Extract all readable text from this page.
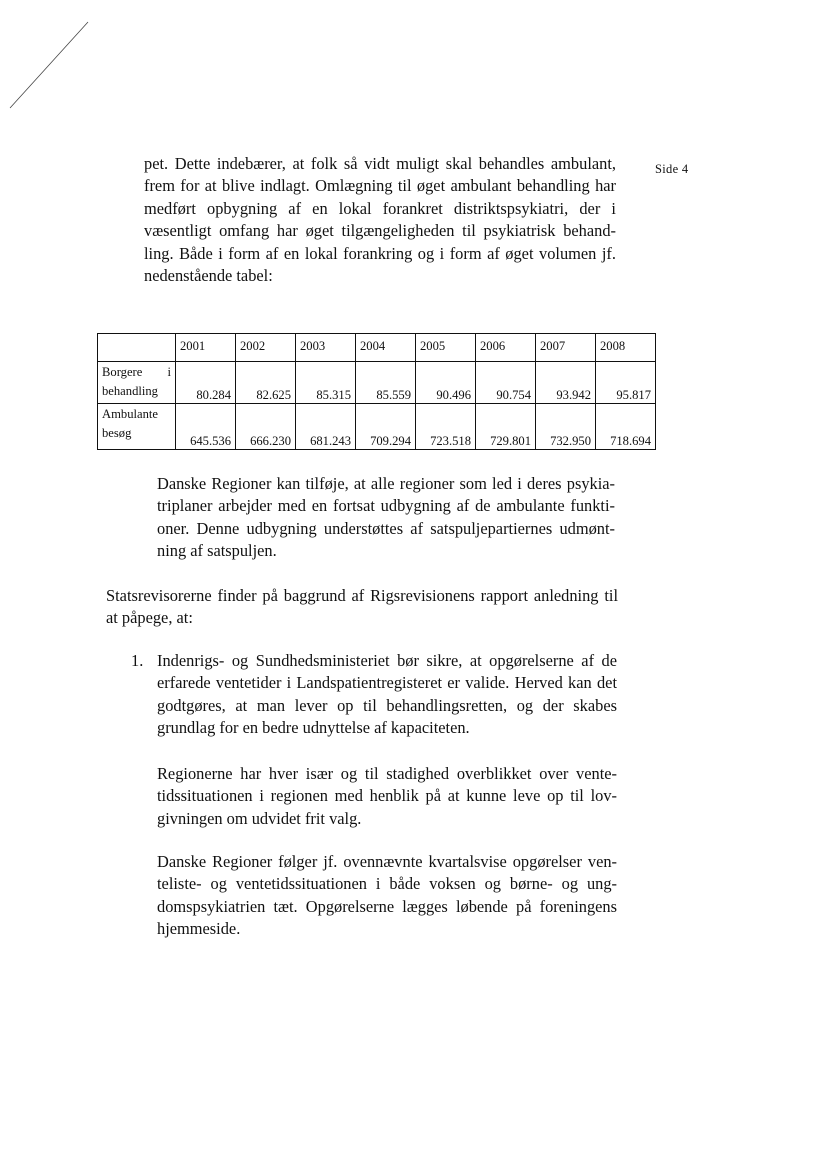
Side 4

pet. Dette indebærer, at folk så vidt muligt skal behandles ambulant, frem for at blive indlagt. Omlægning til øget ambulant behandling har medført opbygning af en lokal forankret distriktspsykiatri, der i væsentligt omfang har øget tilgængeligheden til psykiatrisk behand- ling. Både i form af en lokal forankring og i form af øget volumen jf. nedenstående tabel:

	2001	2002	2003	2004	2005	2006	2007	2008

Borgere i
behandling	80.284	82.625	85.315	85.559	90.496	90.754	93.942	95.817

Ambulante
besøg	645.536	666.230	681.243	709.294	723.518	729.801	732.950	718.694

Danske Regioner kan tilføje, at alle regioner som led i deres psykia- triplaner arbejder med en fortsat udbygning af de ambulante funkti- oner. Denne udbygning understøttes af satspuljepartiernes udmønt- ning af satspuljen.

Statsrevisorerne finder på baggrund af Rigsrevisionens rapport anledning til at påpege, at:

1. Indenrigs- og Sundhedsministeriet bør sikre, at opgørelserne af de erfarede ventetider i Landspatientregisteret er valide. Herved kan det godtgøres, at man lever op til behandlingsretten, og der skabes grundlag for en bedre udnyttelse af kapaciteten.

Regionerne har hver især og til stadighed overblikket over vente- tidssituationen i regionen med henblik på at kunne leve op til lov- givningen om udvidet frit valg.

Danske Regioner følger jf. ovennævnte kvartalsvise opgørelser ven- teliste- og ventetidssituationen i både voksen og børne- og ung- domspsykiatrien tæt. Opgørelserne lægges løbende på foreningens hjemmeside.
